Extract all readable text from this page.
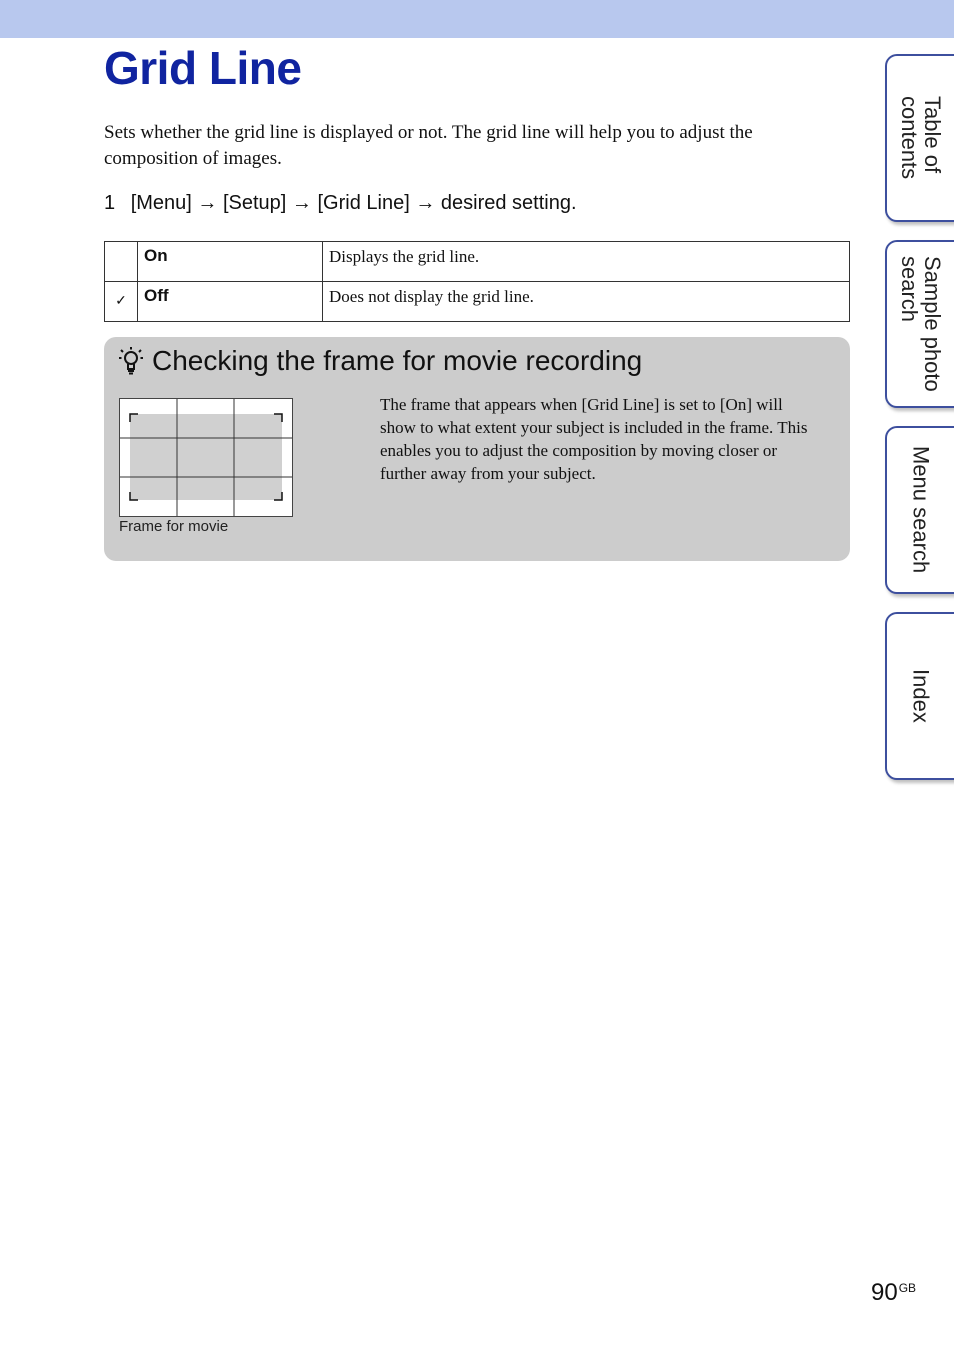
Grid Line

Sets whether the grid line is displayed or not. The grid line will help you to adjust the composition of images.

1 [Menu] → [Setup] → [Grid Line] → desired setting.
	On	Displays the grid line.
✓	Off	Does not display the grid line.
Checking the frame for movie recording
Frame for movie

The frame that appears when [Grid Line] is set to [On] will show to what extent your subject is included in the frame. This enables you to adjust the composition by moving closer or further away from your subject.

Table of
contents
Sample photo
search
Menu search
Index
$90^{GB}$
